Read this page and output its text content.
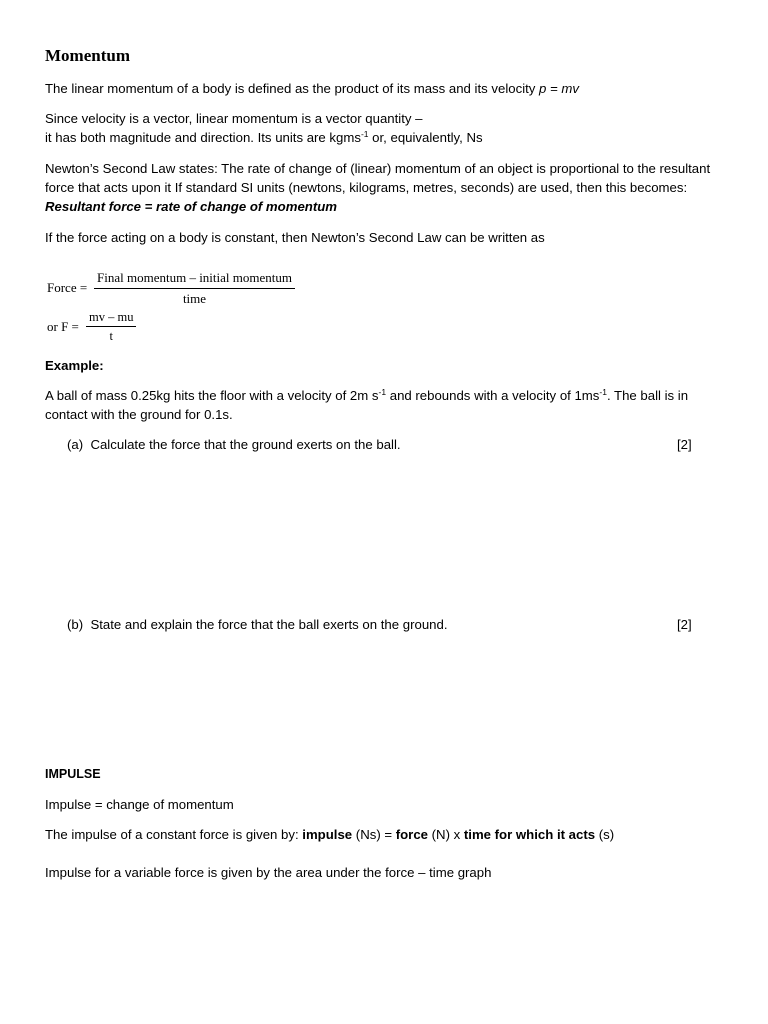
Momentum
The linear momentum of a body is defined as the product of its mass and its velocity p = mv
Since velocity is a vector, linear momentum is a vector quantity –
it has both magnitude and direction. Its units are kgms$^{-1}$ or, equivalently, Ns
Newton’s Second Law states: The rate of change of (linear) momentum of an object is proportional to the resultant
force that acts upon it If standard SI units (newtons, kilograms, metres, seconds) are used, then this becomes:
Resultant force = rate of change of momentum
If the force acting on a body is constant, then Newton’s Second Law can be written as
Force =
Final momentum – initial momentum
time
or $F = \frac{mv - mu}{t}$
Example:
A ball of mass 0.25kg hits the floor with a velocity of 2m $s^{-1}$ and rebounds with a velocity of $1ms^{-1}$. The ball is in
contact with the ground for 0.1s.
(a) Calculate the force that the ground exerts on the ball.	[2]
(b) State and explain the force that the ball exerts on the ground.	[2]
IMPULSE
Impulse = change of momentum
The impulse of a constant force is given by: impulse (Ns) = force (N) x time for which it acts (s)
Impulse for a variable force is given by the area under the force – time graph
